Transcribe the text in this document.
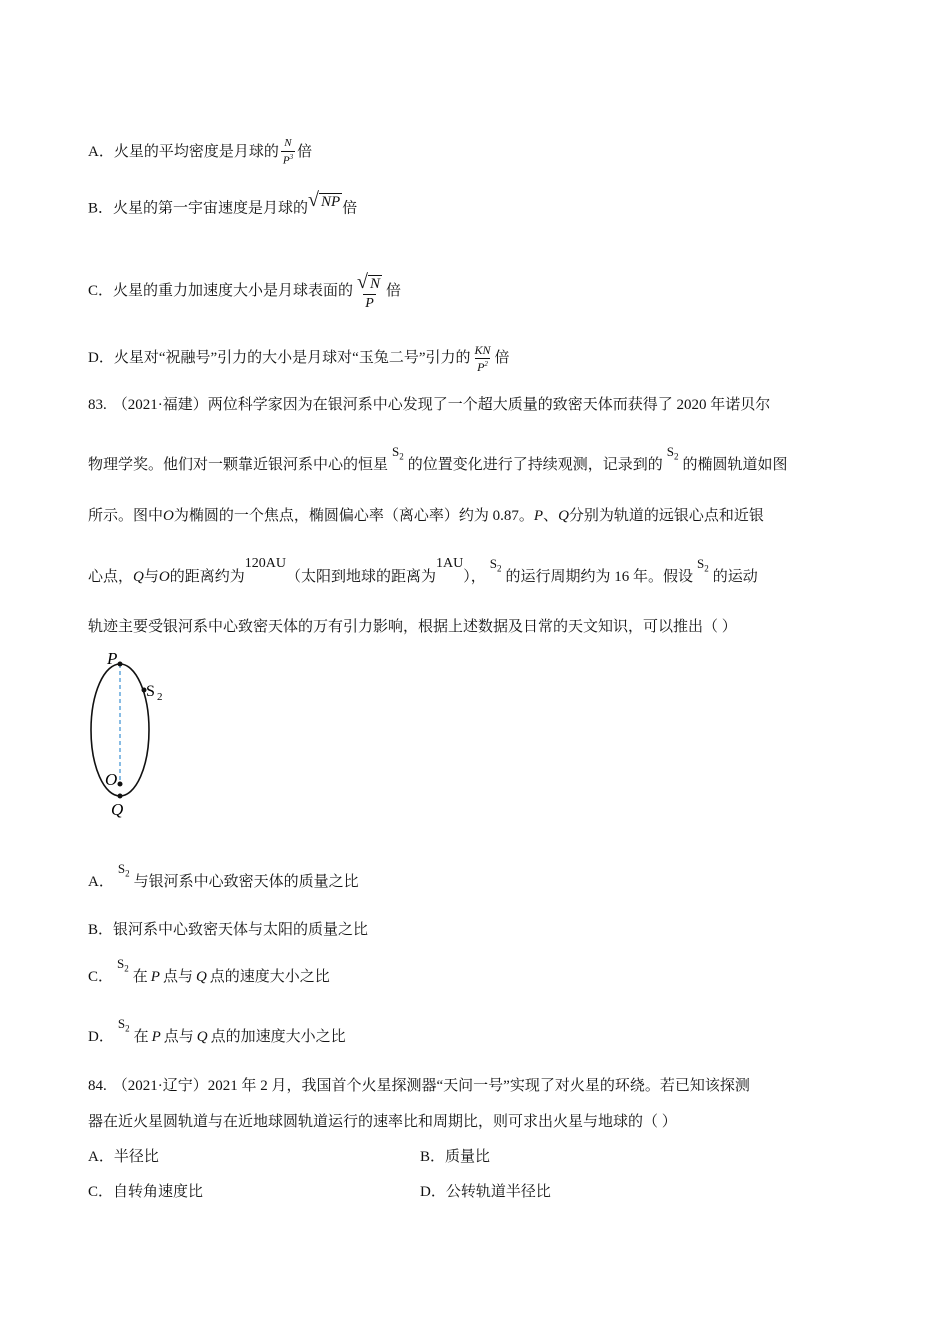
A．火星的平均密度是月球的 $\frac{N}{P^3}$ 倍
B．火星的第一宇宙速度是月球的√ NP 倍
C．火星的重力加速度大小是月球表面的 $\frac{√ N}{P}$ 倍
D．火星对“祝融号”引力的大小是月球对“玉兔二号”引力的 $\frac{KN}{P^2}$ 倍
83. （2021·福建）两位科学家因为在银河系中心发现了一个超大质量的致密天体而获得了 2020 年诺贝尔
物理学奖。他们对一颗靠近银河系中心的恒星$S_2$的位置变化进行了持续观测，记录到的$S_2$的椭圆轨道如图
所示。图中O为椭圆的一个焦点，椭圆偏心率（离心率）约为 0.87。P、Q分别为轨道的远银心点和近银
心点，Q与O的距离约为120AU（太阳到地球的距离为1AU），$S_2$的运行周期约为 16 年。假设$S_2$的运动
轨迹主要受银河系中心致密天体的万有引力影响，根据上述数据及日常的天文知识，可以推出（ ）
P
S 2
O
Q
A．$S_2$与银河系中心致密天体的质量之比
B．银河系中心致密天体与太阳的质量之比
C．$S_2$在 P 点与 Q 点的速度大小之比
D．$S_2$在 P 点与 Q 点的加速度大小之比
84. （2021·辽宁）2021 年 2 月，我国首个火星探测器“天问一号”实现了对火星的环绕。若已知该探测
器在近火星圆轨道与在近地球圆轨道运行的速率比和周期比，则可求出火星与地球的（ ）
A．半径比	B．质量比
C．自转角速度比	D．公转轨道半径比
